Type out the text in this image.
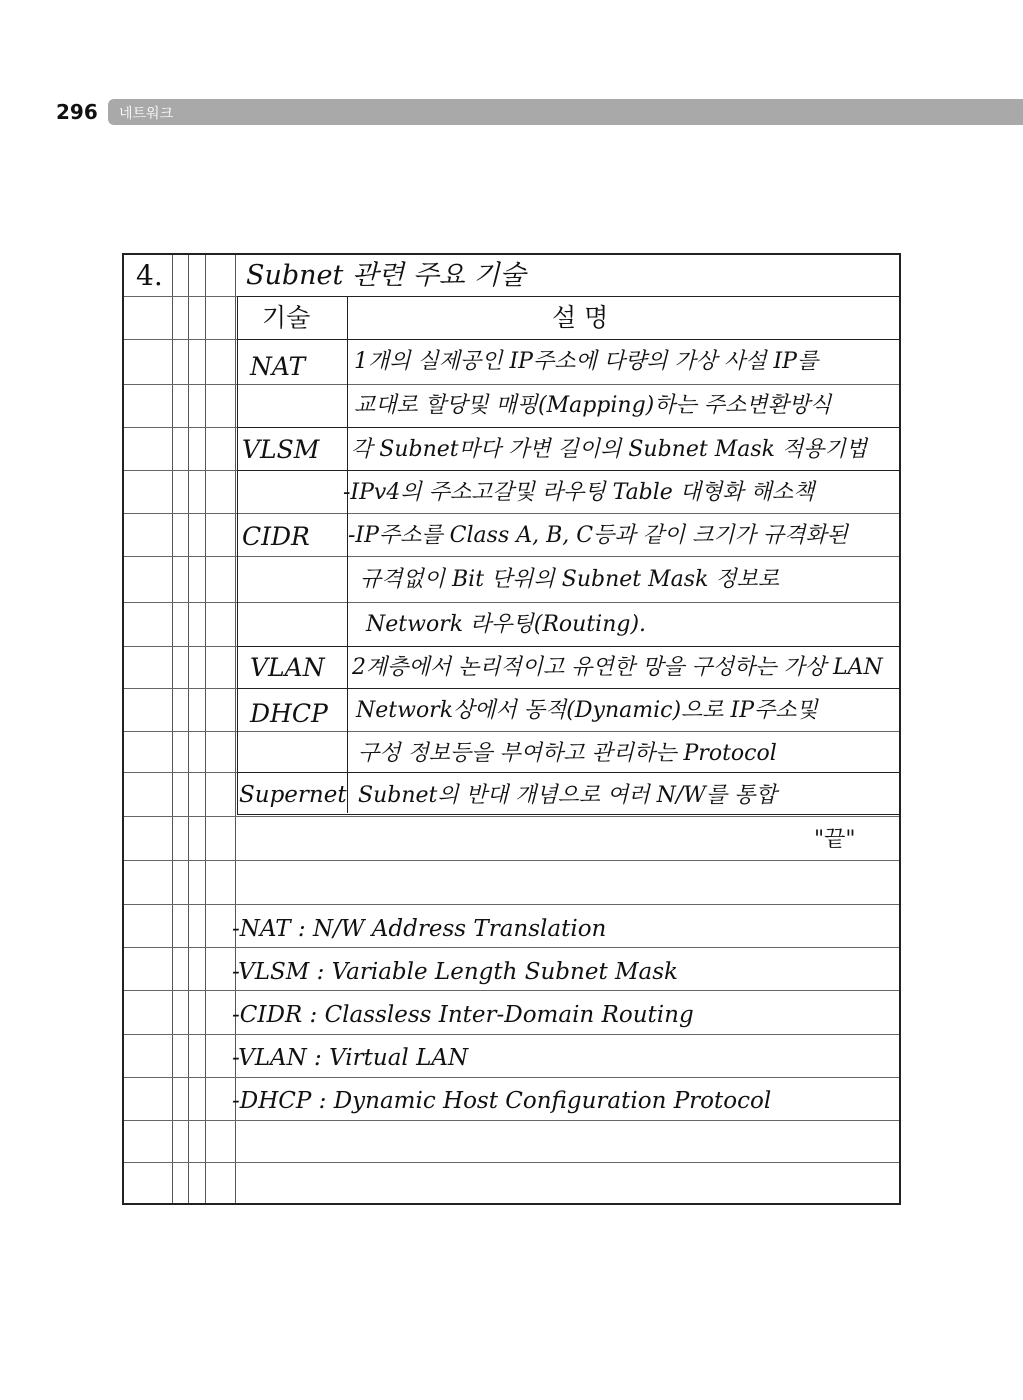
296 네트워크
4.	Subnet 관련 주요 기술
기술	설 명
NAT 1개의 실제공인 IP주소에 다량의 가상 사설 IP를
교대로 할당및 매핑(Mapping)하는 주소변환방식
VLSM 각 Subnet마다 가변 길이의 Subnet Mask 적용기법
CIDR
-IPv4의 주소고갈및 라우팅 Table 대형화 해소책
-IP주소를 Class A, B, C등과 같이 크기가 규격화된
규격없이 Bit 단위의 Subnet Mask 정보로
Network 라우팅(Routing).
VLAN 2계층에서 논리적이고 유연한 망을 구성하는 가상 LAN
DHCP Network상에서 동적(Dynamic)으로 IP주소및
구성 정보등을 부여하고 관리하는 Protocol
Supernet Subnet의 반대 개념으로 여러 N/W를 통합
"끝"
-NAT : N/W Address Translation
-VLSM : Variable Length Subnet Mask
-CIDR : Classless Inter-Domain Routing
-VLAN : Virtual LAN
-DHCP : Dynamic Host Configuration Protocol
